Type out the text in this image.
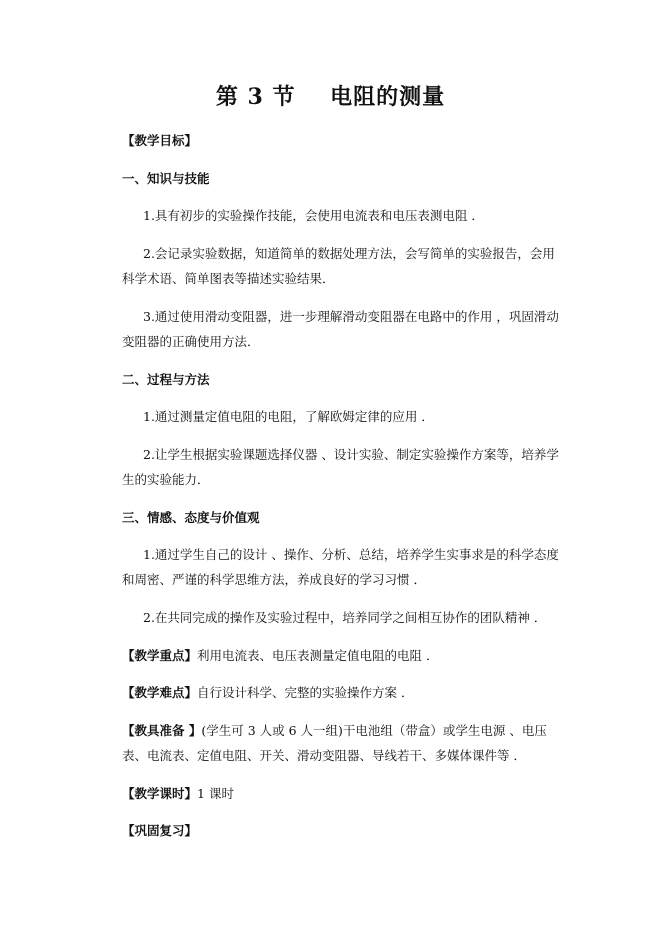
第 3 节    电阻的测量
【教学目标】
一、知识与技能
1.具有初步的实验操作技能，会使用电流表和电压表测电阻 ．
2.会记录实验数据，知道简单的数据处理方法，会写简单的实验报告，会用
科学术语、简单图表等描述实验结果．
3.通过使用滑动变阻器，进一步理解滑动变阻器在电路中的作用 ，巩固滑动
变阻器的正确使用方法．
二、过程与方法
1.通过测量定值电阻的电阻，了解欧姆定律的应用 ．
2.让学生根据实验课题选择仪器 、设计实验、制定实验操作方案等，培养学
生的实验能力．
三、情感、态度与价值观
1.通过学生自己的设计 、操作、分析、总结，培养学生实事求是的科学态度
和周密、严谨的科学思维方法，养成良好的学习习惯 ．
2.在共同完成的操作及实验过程中，培养同学之间相互协作的团队精神 ．
【教学重点】利用电流表、电压表测量定值电阻的电阻 ．
【教学难点】自行设计科学、完整的实验操作方案 ．
【教具准备 】(学生可 3 人或 6 人一组)干电池组（带盒）或学生电源 、电压
表、电流表、定值电阻、开关、滑动变阻器、导线若干、多媒体课件等 ．
【教学课时】1 课时
【巩固复习】
